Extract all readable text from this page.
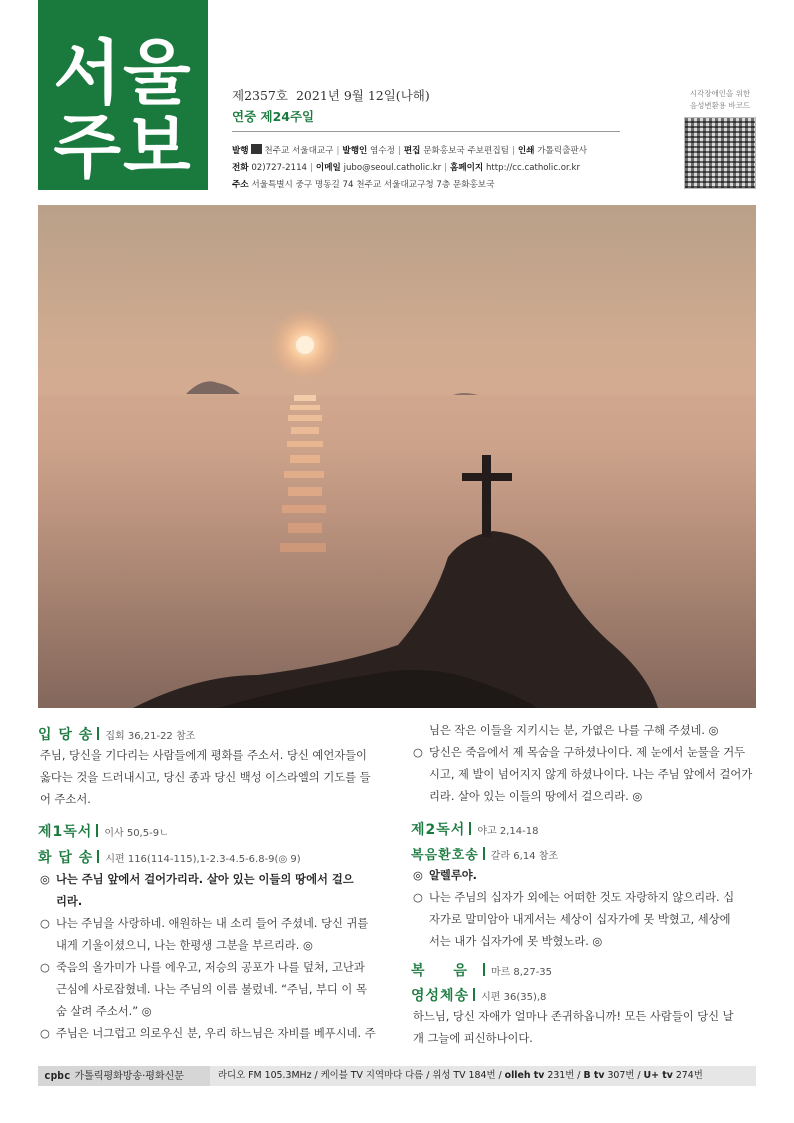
서울
주보
제2357호 2021년 9월 12일(나해)
연중 제24주일
발행 천주교 서울대교구 | 발행인 염수정 | 편집 문화홍보국 주보편집팀 | 인쇄 가톨릭출판사
전화 02)727-2114 | 이메일 jubo@seoul.catholic.kr | 홈페이지 http://cc.catholic.or.kr
주소 서울특별시 중구 명동길 74 천주교 서울대교구청 7층 문화홍보국
시각장애인을 위한
음성변환용 바코드
입 당 송 집회 36,21-22 참조
주님, 당신을 기다리는 사람들에게 평화를 주소서. 당신 예언자들이
옳다는 것을 드러내시고, 당신 종과 당신 백성 이스라엘의 기도를 들
어 주소서.
제1독서 이사 50,5-9ㄴ
화 답 송 시편 116(114-115),1-2.3-4.5-6.8-9(◎ 9)
◎ 나는 주님 앞에서 걸어가리라. 살아 있는 이들의 땅에서 걸으
리라.
○ 나는 주님을 사랑하네. 애원하는 내 소리 들어 주셨네. 당신 귀를
내게 기울이셨으니, 나는 한평생 그분을 부르리라. ◎
○ 죽음의 올가미가 나를 에우고, 저승의 공포가 나를 덮쳐, 고난과
근심에 사로잡혔네. 나는 주님의 이름 불렀네. “주님, 부디 이 목
숨 살려 주소서.” ◎
○ 주님은 너그럽고 의로우신 분, 우리 하느님은 자비를 베푸시네. 주
님은 작은 이들을 지키시는 분, 가엾은 나를 구해 주셨네. ◎
○ 당신은 죽음에서 제 목숨을 구하셨나이다. 제 눈에서 눈물을 거두
시고, 제 발이 넘어지지 않게 하셨나이다. 나는 주님 앞에서 걸어가
리라. 살아 있는 이들의 땅에서 걸으리라. ◎
제2독서 야고 2,14-18
복음환호송 갈라 6,14 참조
◎ 알렐루야.
○ 나는 주님의 십자가 외에는 어떠한 것도 자랑하지 않으리라. 십
자가로 말미암아 내게서는 세상이 십자가에 못 박혔고, 세상에
서는 내가 십자가에 못 박혔노라. ◎
복 음 마르 8,27-35
영성체송 시편 36(35),8
하느님, 당신 자애가 얼마나 존귀하옵니까! 모든 사람들이 당신 날
개 그늘에 피신하나이다.
cpbc 가톨릭평화방송·평화신문	라디오 FM 105.3MHz / 케이블 TV 지역마다 다름 / 위성 TV 184번 / olleh tv 231번 / B tv 307번 / U+ tv 274번
